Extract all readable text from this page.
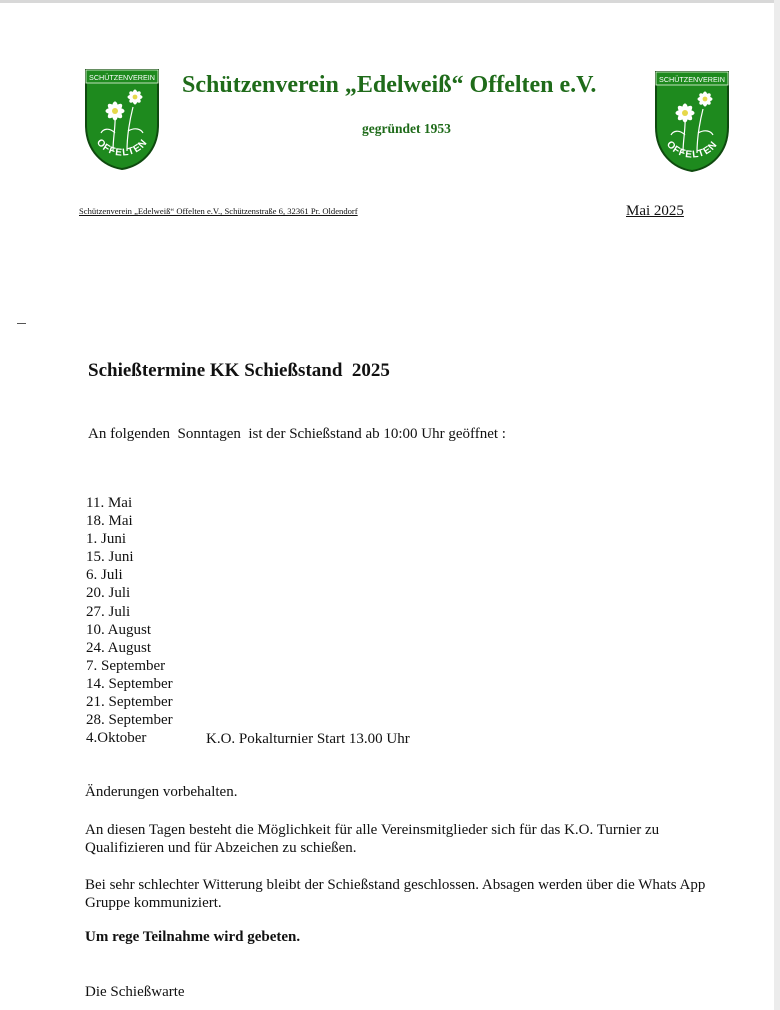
SCHÜTZENVEREIN
OFFELTEN
SCHÜTZENVEREIN
OFFELTEN
Schützenverein „Edelweiß“ Offelten e.V.
gegründet 1953
Schützenverein „Edelweiß“ Offelten e.V., Schützenstraße 6, 32361 Pr. Oldendorf	Mai 2025
Schießtermine KK Schießstand  2025
An folgenden  Sonntagen  ist der Schießstand ab 10:00 Uhr geöffnet :
11. Mai
18. Mai
1. Juni
15. Juni
6. Juli
20. Juli
27. Juli
10. August
24. August
7. September
14. September
21. September
28. September
4.Oktober	K.O. Pokalturnier Start 13.00 Uhr
Änderungen vorbehalten.
An diesen Tagen besteht die Möglichkeit für alle Vereinsmitglieder sich für das K.O. Turnier zu Qualifizieren und für Abzeichen zu schießen.
Bei sehr schlechter Witterung bleibt der Schießstand geschlossen. Absagen werden über die Whats App Gruppe kommuniziert.
Um rege Teilnahme wird gebeten.
Die Schießwarte
